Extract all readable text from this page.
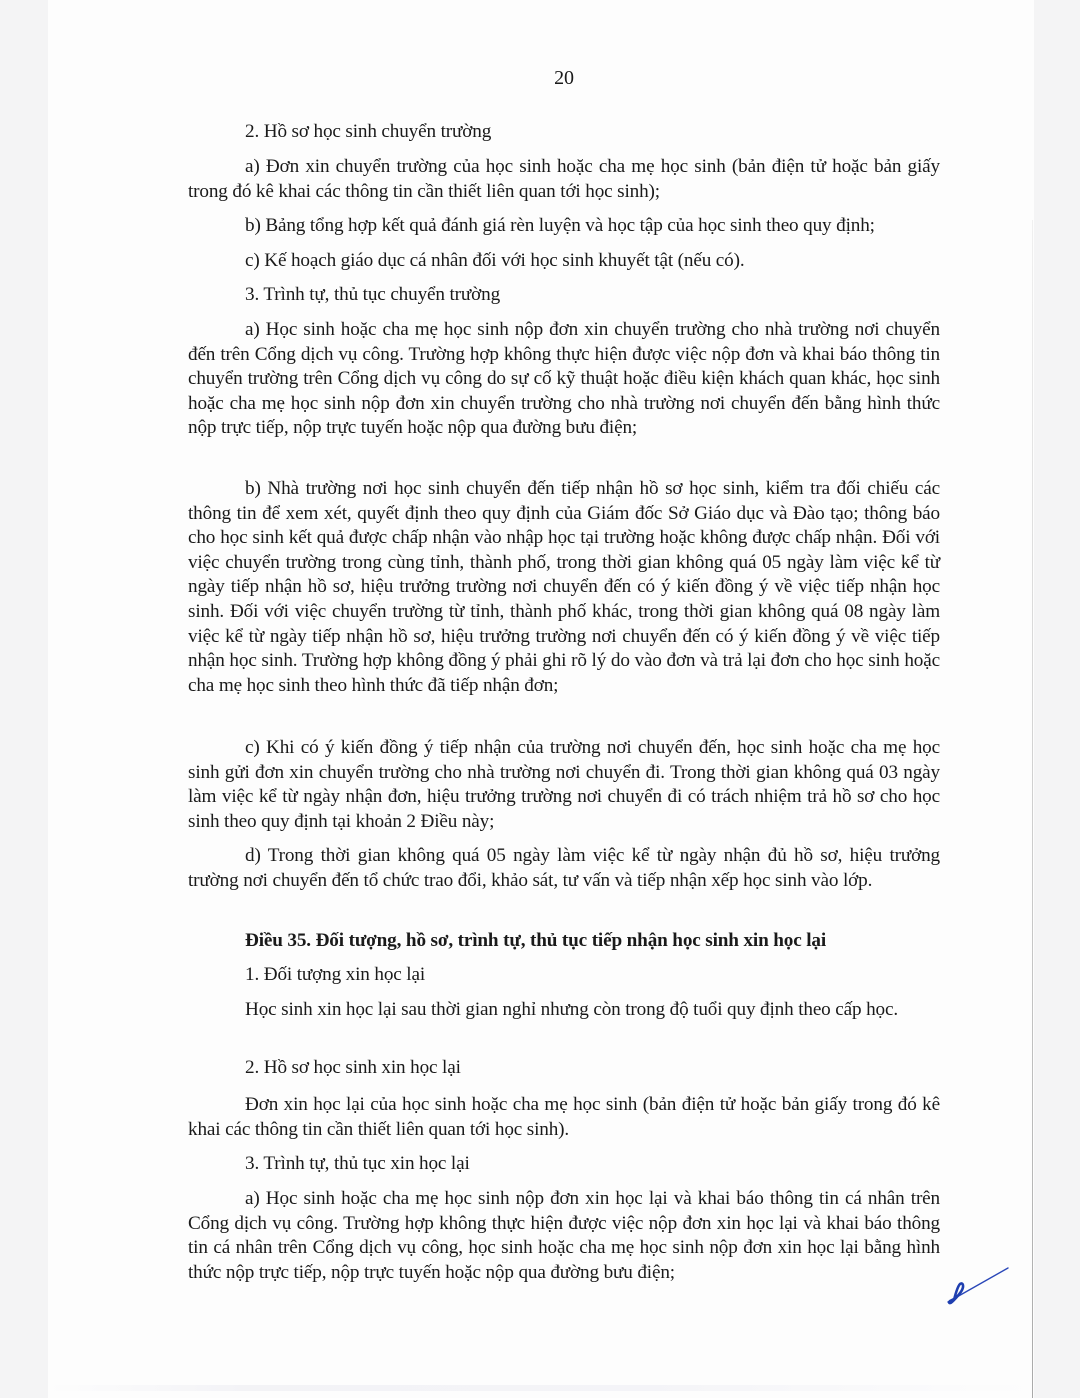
20

2. Hồ sơ học sinh chuyển trường

a) Đơn xin chuyển trường của học sinh hoặc cha mẹ học sinh (bản điện tử hoặc bản giấy trong đó kê khai các thông tin cần thiết liên quan tới học sinh);

b) Bảng tổng hợp kết quả đánh giá rèn luyện và học tập của học sinh theo quy định;

c) Kế hoạch giáo dục cá nhân đối với học sinh khuyết tật (nếu có).

3. Trình tự, thủ tục chuyển trường

a) Học sinh hoặc cha mẹ học sinh nộp đơn xin chuyển trường cho nhà trường nơi chuyển đến trên Cổng dịch vụ công. Trường hợp không thực hiện được việc nộp đơn và khai báo thông tin chuyển trường trên Cổng dịch vụ công do sự cố kỹ thuật hoặc điều kiện khách quan khác, học sinh hoặc cha mẹ học sinh nộp đơn xin chuyển trường cho nhà trường nơi chuyển đến bằng hình thức nộp trực tiếp, nộp trực tuyến hoặc nộp qua đường bưu điện;

b) Nhà trường nơi học sinh chuyển đến tiếp nhận hồ sơ học sinh, kiểm tra đối chiếu các thông tin để xem xét, quyết định theo quy định của Giám đốc Sở Giáo dục và Đào tạo; thông báo cho học sinh kết quả được chấp nhận vào nhập học tại trường hoặc không được chấp nhận. Đối với việc chuyển trường trong cùng tỉnh, thành phố, trong thời gian không quá 05 ngày làm việc kể từ ngày tiếp nhận hồ sơ, hiệu trưởng trường nơi chuyển đến có ý kiến đồng ý về việc tiếp nhận học sinh. Đối với việc chuyển trường từ tỉnh, thành phố khác, trong thời gian không quá 08 ngày làm việc kể từ ngày tiếp nhận hồ sơ, hiệu trưởng trường nơi chuyển đến có ý kiến đồng ý về việc tiếp nhận học sinh. Trường hợp không đồng ý phải ghi rõ lý do vào đơn và trả lại đơn cho học sinh hoặc cha mẹ học sinh theo hình thức đã tiếp nhận đơn;

c) Khi có ý kiến đồng ý tiếp nhận của trường nơi chuyển đến, học sinh hoặc cha mẹ học sinh gửi đơn xin chuyển trường cho nhà trường nơi chuyển đi. Trong thời gian không quá 03 ngày làm việc kể từ ngày nhận đơn, hiệu trưởng trường nơi chuyển đi có trách nhiệm trả hồ sơ cho học sinh theo quy định tại khoản 2 Điều này;

d) Trong thời gian không quá 05 ngày làm việc kể từ ngày nhận đủ hồ sơ, hiệu trưởng trường nơi chuyển đến tổ chức trao đổi, khảo sát, tư vấn và tiếp nhận xếp học sinh vào lớp.

Điều 35. Đối tượng, hồ sơ, trình tự, thủ tục tiếp nhận học sinh xin học lại

1. Đối tượng xin học lại

Học sinh xin học lại sau thời gian nghỉ nhưng còn trong độ tuổi quy định theo cấp học.

2. Hồ sơ học sinh xin học lại

Đơn xin học lại của học sinh hoặc cha mẹ học sinh (bản điện tử hoặc bản giấy trong đó kê khai các thông tin cần thiết liên quan tới học sinh).

3. Trình tự, thủ tục xin học lại

a) Học sinh hoặc cha mẹ học sinh nộp đơn xin học lại và khai báo thông tin cá nhân trên Cổng dịch vụ công. Trường hợp không thực hiện được việc nộp đơn xin học lại và khai báo thông tin cá nhân trên Cổng dịch vụ công, học sinh hoặc cha mẹ học sinh nộp đơn xin học lại bằng hình thức nộp trực tiếp, nộp trực tuyến hoặc nộp qua đường bưu điện;
